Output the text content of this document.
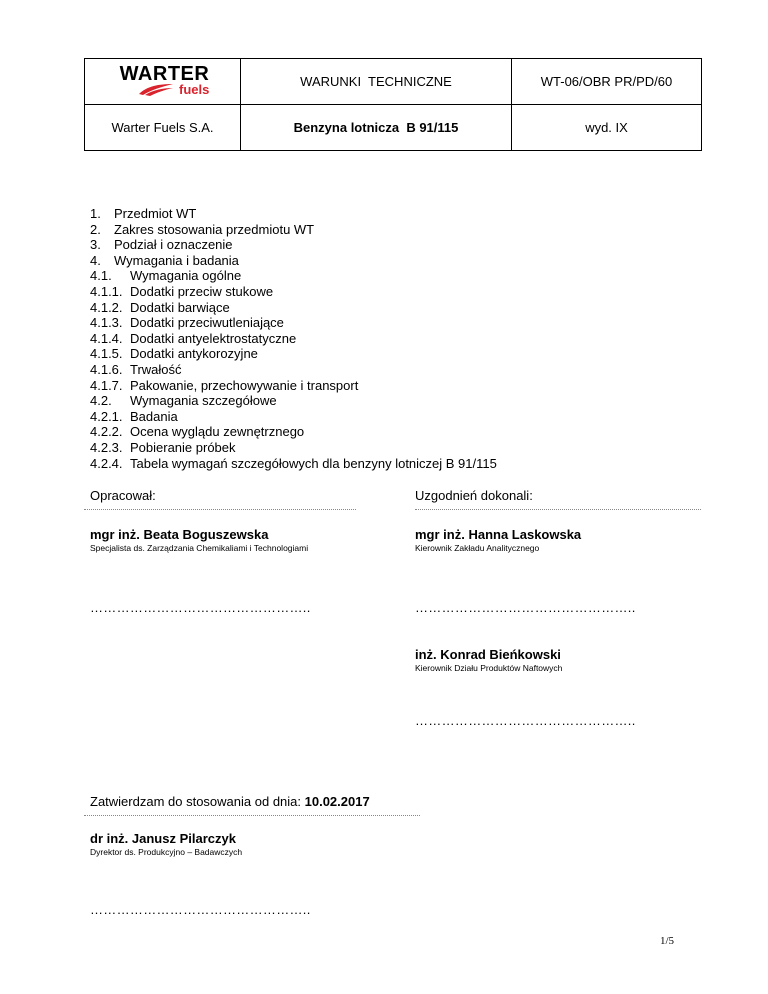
WARTER
fuels	WARUNKI  TECHNICZNE	WT-06/OBR PR/PD/60
Warter Fuels S.A.	Benzyna lotnicza  B 91/115	wyd. IX
1.	Przedmiot WT
2.	Zakres stosowania przedmiotu WT
3.	Podział i oznaczenie
4.	Wymagania i badania
4.1.	Wymagania ogólne
4.1.1. Dodatki przeciw stukowe
4.1.2. Dodatki barwiące
4.1.3. Dodatki przeciwutleniające
4.1.4. Dodatki antyelektrostatyczne
4.1.5. Dodatki antykorozyjne
4.1.6. Trwałość
4.1.7. Pakowanie, przechowywanie i transport
4.2.	Wymagania szczegółowe
4.2.1. Badania
4.2.2. Ocena wyglądu zewnętrznego
4.2.3. Pobieranie próbek
4.2.4. Tabela wymagań szczegółowych dla benzyny lotniczej B 91/115
Opracował:	Uzgodnień dokonali:
mgr inż. Beata Boguszewska
Specjalista ds. Zarządzania Chemikaliami i Technologiami
…………………………………………..
mgr inż. Hanna Laskowska
Kierownik Zakładu Analitycznego
…………………………………………..
inż. Konrad Bieńkowski
Kierownik Działu Produktów Naftowych
…………………………………………..
Zatwierdzam do stosowania od dnia: 10.02.2017
dr inż. Janusz Pilarczyk
Dyrektor ds. Produkcyjno – Badawczych
…………………………………………..
1/5
